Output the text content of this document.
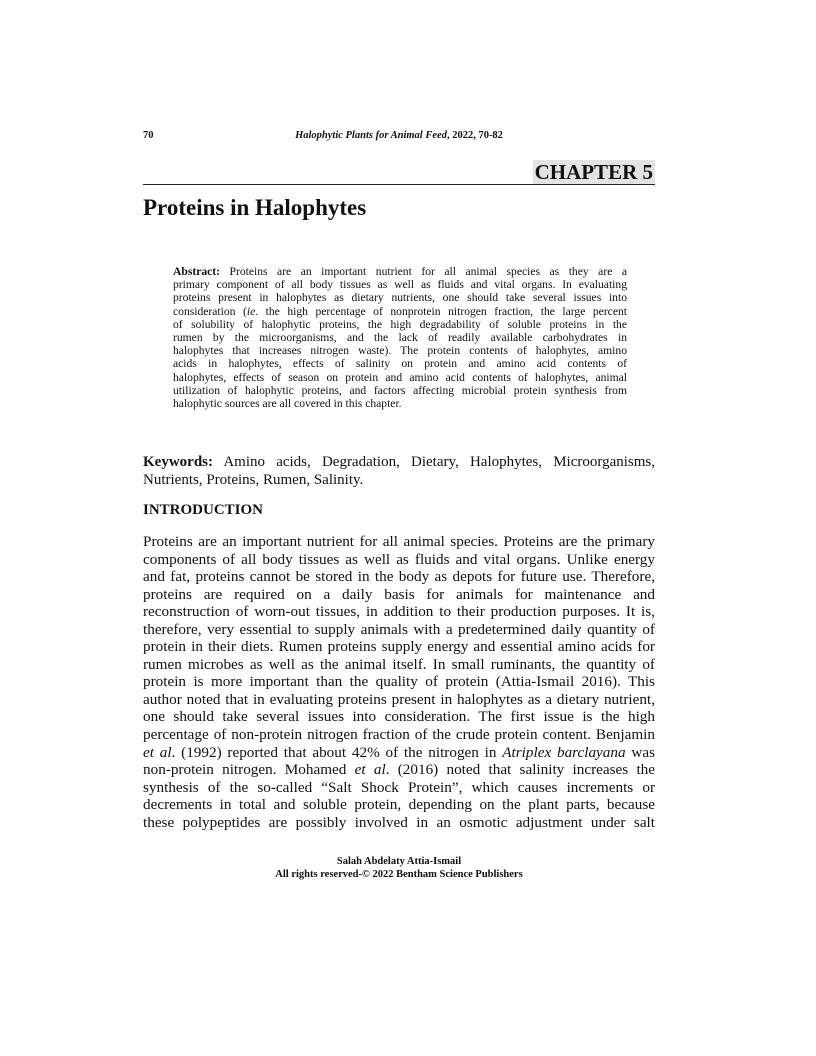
70	Halophytic Plants for Animal Feed, 2022, 70-82
CHAPTER 5
Proteins in Halophytes
Abstract: Proteins are an important nutrient for all animal species as they are a
primary component of all body tissues as well as fluids and vital organs. In evaluating
proteins present in halophytes as dietary nutrients, one should take several issues into
consideration (ie. the high percentage of nonprotein nitrogen fraction, the large percent
of solubility of halophytic proteins, the high degradability of soluble proteins in the
rumen by the microorganisms, and the lack of readily available carbohydrates in
halophytes that increases nitrogen waste). The protein contents of halophytes, amino
acids in halophytes, effects of salinity on protein and amino acid contents of
halophytes, effects of season on protein and amino acid contents of halophytes, animal
utilization of halophytic proteins, and factors affecting microbial protein synthesis from
halophytic sources are all covered in this chapter.
Keywords: Amino acids, Degradation, Dietary, Halophytes, Microorganisms,
Nutrients, Proteins, Rumen, Salinity.
INTRODUCTION
Proteins are an important nutrient for all animal species. Proteins are the primary
components of all body tissues as well as fluids and vital organs. Unlike energy
and fat, proteins cannot be stored in the body as depots for future use. Therefore,
proteins are required on a daily basis for animals for maintenance and
reconstruction of worn-out tissues, in addition to their production purposes. It is,
therefore, very essential to supply animals with a predetermined daily quantity of
protein in their diets. Rumen proteins supply energy and essential amino acids for
rumen microbes as well as the animal itself. In small ruminants, the quantity of
protein is more important than the quality of protein (Attia-Ismail 2016). This
author noted that in evaluating proteins present in halophytes as a dietary nutrient,
one should take several issues into consideration. The first issue is the high
percentage of non-protein nitrogen fraction of the crude protein content. Benjamin
et al. (1992) reported that about 42% of the nitrogen in Atriplex barclayana was
non-protein nitrogen. Mohamed et al. (2016) noted that salinity increases the
synthesis of the so-called “Salt Shock Protein”, which causes increments or
decrements in total and soluble protein, depending on the plant parts, because
these polypeptides are possibly involved in an osmotic adjustment under salt
Salah Abdelaty Attia-Ismail
All rights reserved-© 2022 Bentham Science Publishers
